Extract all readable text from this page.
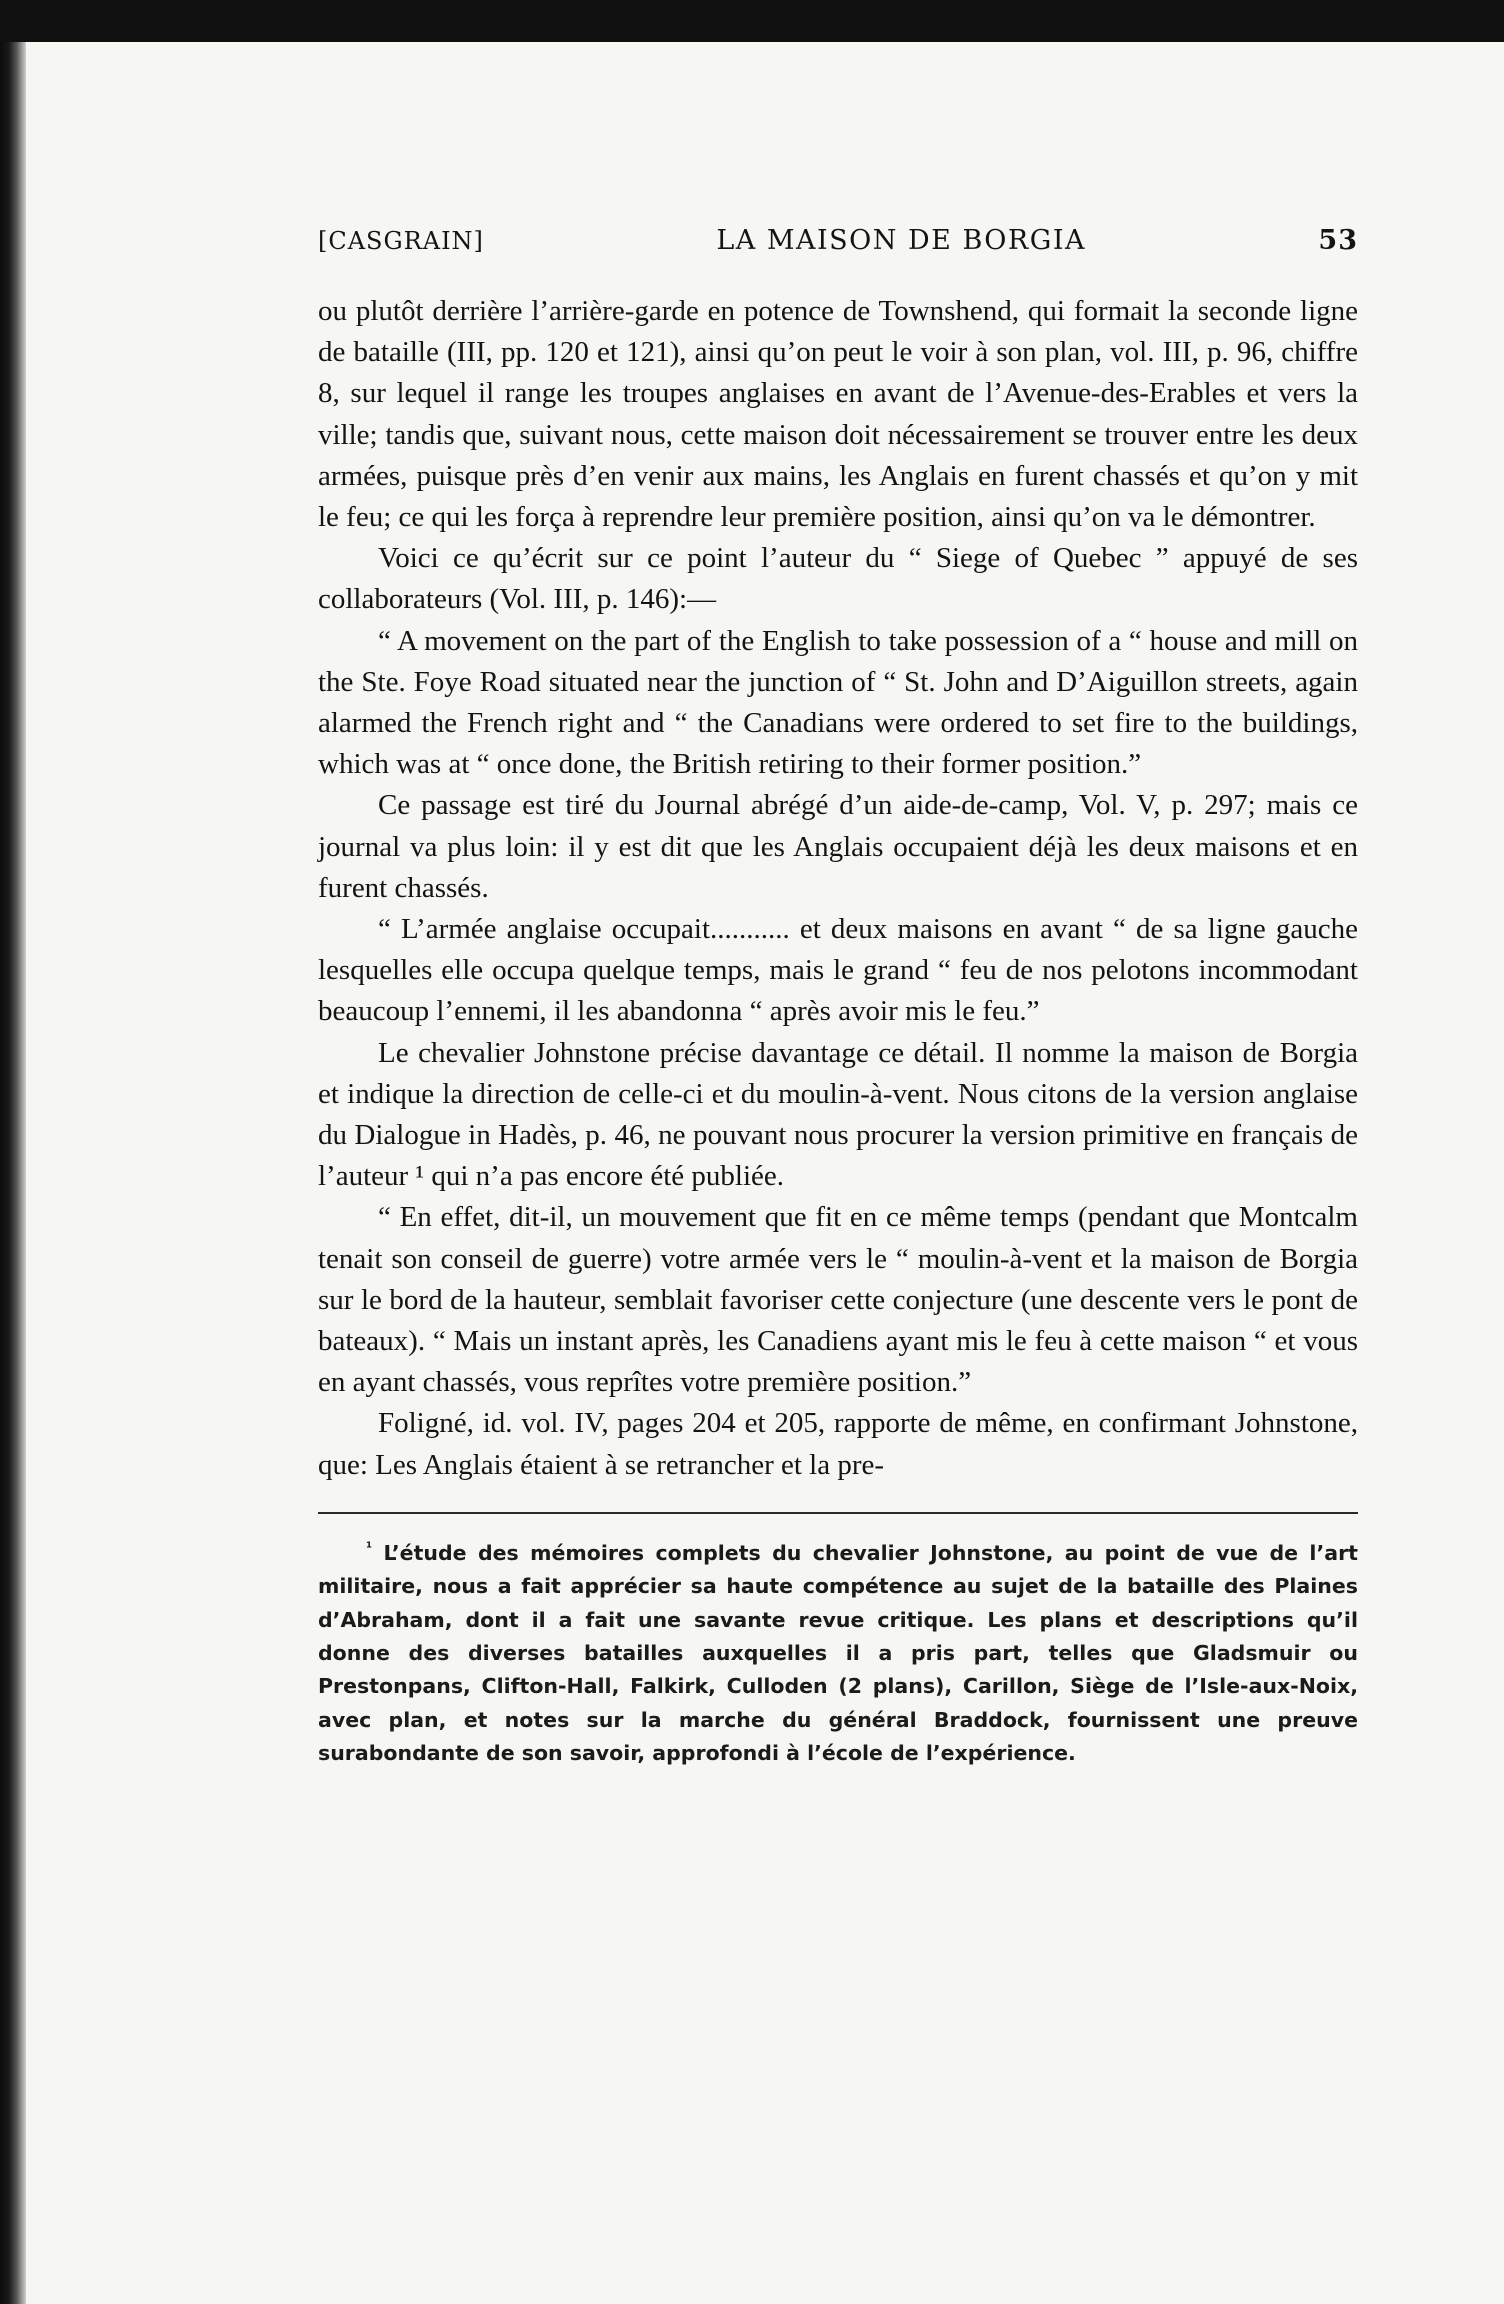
[CASGRAIN]	LA MAISON DE BORGIA	53

ou plutôt derrière l’arrière-garde en potence de Townshend, qui formait la seconde ligne de bataille (III, pp. 120 et 121), ainsi qu’on peut le voir à son plan, vol. III, p. 96, chiffre 8, sur lequel il range les troupes anglaises en avant de l’Avenue-des-Erables et vers la ville; tandis que, suivant nous, cette maison doit nécessairement se trouver entre les deux armées, puisque près d’en venir aux mains, les Anglais en furent chassés et qu’on y mit le feu; ce qui les força à reprendre leur première position, ainsi qu’on va le démontrer.

Voici ce qu’écrit sur ce point l’auteur du “ Siege of Quebec ” appuyé de ses collaborateurs (Vol. III, p. 146):—

“ A movement on the part of the English to take possession of a “ house and mill on the Ste. Foye Road situated near the junction of “ St. John and D’Aiguillon streets, again alarmed the French right and “ the Canadians were ordered to set fire to the buildings, which was at “ once done, the British retiring to their former position.”

Ce passage est tiré du Journal abrégé d’un aide-de-camp, Vol. V, p. 297; mais ce journal va plus loin: il y est dit que les Anglais occupaient déjà les deux maisons et en furent chassés.

“ L’armée anglaise occupait........... et deux maisons en avant “ de sa ligne gauche lesquelles elle occupa quelque temps, mais le grand “ feu de nos pelotons incommodant beaucoup l’ennemi, il les abandonna “ après avoir mis le feu.”

Le chevalier Johnstone précise davantage ce détail. Il nomme la maison de Borgia et indique la direction de celle-ci et du moulin-à-vent. Nous citons de la version anglaise du Dialogue in Hadès, p. 46, ne pouvant nous procurer la version primitive en français de l’auteur ¹ qui n’a pas encore été publiée.

“ En effet, dit-il, un mouvement que fit en ce même temps (pendant que Montcalm tenait son conseil de guerre) votre armée vers le “ moulin-à-vent et la maison de Borgia sur le bord de la hauteur, semblait favoriser cette conjecture (une descente vers le pont de bateaux). “ Mais un instant après, les Canadiens ayant mis le feu à cette maison “ et vous en ayant chassés, vous reprîtes votre première position.”

Foligné, id. vol. IV, pages 204 et 205, rapporte de même, en confirmant Johnstone, que: Les Anglais étaient à se retrancher et la pre-

$^{^1}$ L’étude des mémoires complets du chevalier Johnstone, au point de vue de l’art militaire, nous a fait apprécier sa haute compétence au sujet de la bataille des Plaines d’Abraham, dont il a fait une savante revue critique. Les plans et descriptions qu’il donne des diverses batailles auxquelles il a pris part, telles que Gladsmuir ou Prestonpans, Clifton-Hall, Falkirk, Culloden (2 plans), Carillon, Siège de l’Isle-aux-Noix, avec plan, et notes sur la marche du général Braddock, fournissent une preuve surabondante de son savoir, approfondi à l’école de l’expérience.
